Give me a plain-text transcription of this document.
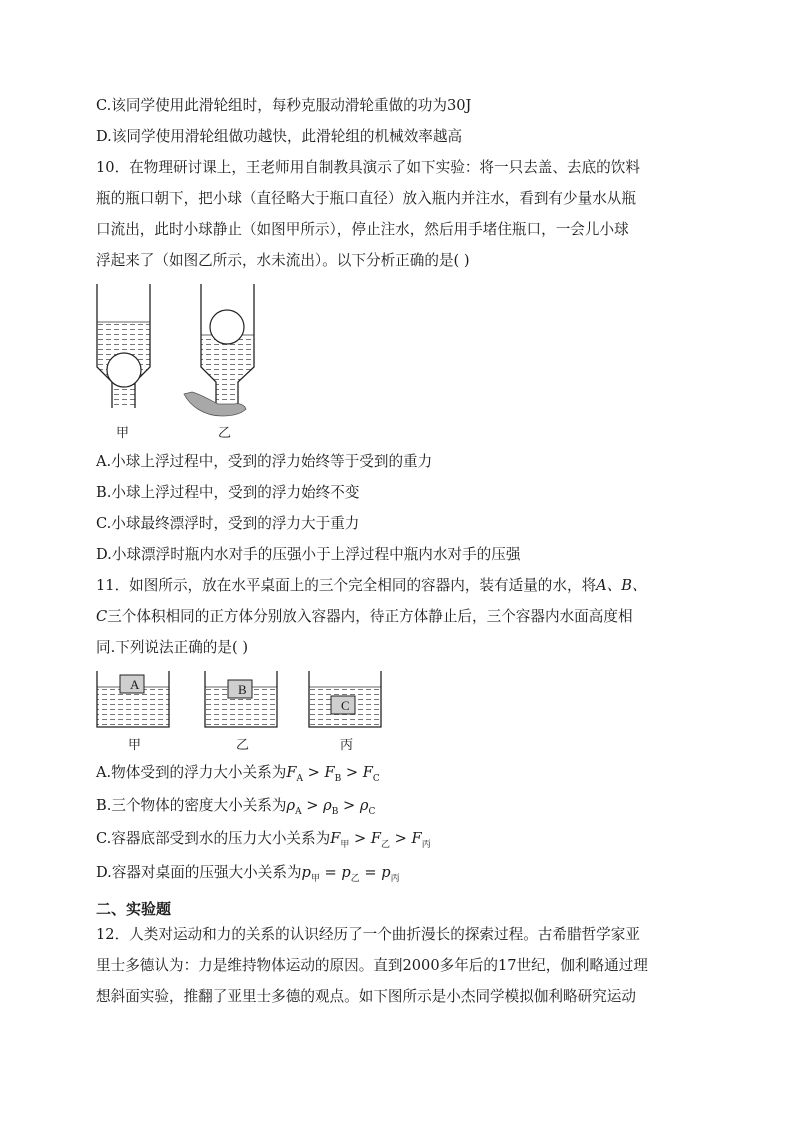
C.该同学使用此滑轮组时，每秒克服动滑轮重做的功为30J
D.该同学使用滑轮组做功越快，此滑轮组的机械效率越高
10．在物理研讨课上，王老师用自制教具演示了如下实验：将一只去盖、去底的饮料
瓶的瓶口朝下，把小球（直径略大于瓶口直径）放入瓶内并注水，看到有少量水从瓶
口流出，此时小球静止（如图甲所示），停止注水，然后用手堵住瓶口，一会儿小球
浮起来了（如图乙所示，水未流出）。以下分析正确的是( )
甲	乙
A.小球上浮过程中，受到的浮力始终等于受到的重力
B.小球上浮过程中，受到的浮力始终不变
C.小球最终漂浮时，受到的浮力大于重力
D.小球漂浮时瓶内水对手的压强小于上浮过程中瓶内水对手的压强
11．如图所示，放在水平桌面上的三个完全相同的容器内，装有适量的水，将A、B、
C三个体积相同的正方体分别放入容器内，待正方体静止后，三个容器内水面高度相
同.下列说法正确的是( )
A	B
C
甲	乙	丙
A.物体受到的浮力大小关系为$F_A > F_B > F_C$
B.三个物体的密度大小关系为$\rho_A > \rho_B > \rho_C$
C.容器底部受到水的压力大小关系为$F_甲 > F_乙 > F_丙$
D.容器对桌面的压强大小关系为$p_甲 = p_乙 = p_丙$
二、实验题
12．人类对运动和力的关系的认识经历了一个曲折漫长的探索过程。古希腊哲学家亚
里士多德认为：力是维持物体运动的原因。直到2000多年后的17世纪，伽利略通过理
想斜面实验，推翻了亚里士多德的观点。如下图所示是小杰同学模拟伽利略研究运动
